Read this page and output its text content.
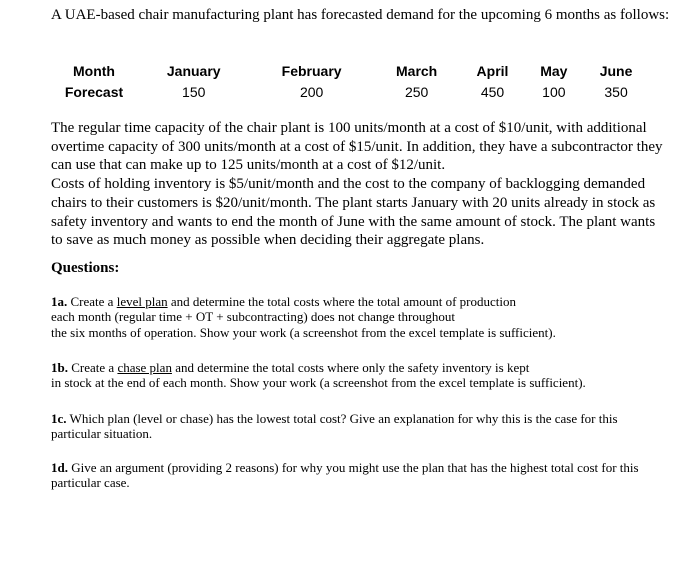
A UAE-based chair manufacturing plant has forecasted demand for the upcoming 6 months as follows:
Month	January	February	March	April	May	June
Forecast	150	200	250	450	100	350

The regular time capacity of the chair plant is 100 units/month at a cost of $10/unit, with additional overtime capacity of 300 units/month at a cost of $15/unit. In addition, they have a subcontractor they can use that can make up to 125 units/month at a cost of $12/unit.

Costs of holding inventory is $5/unit/month and the cost to the company of backlogging demanded chairs to their customers is $20/unit/month. The plant starts January with 20 units already in stock as safety inventory and wants to end the month of June with the same amount of stock. The plant wants to save as much money as possible when deciding their aggregate plans.

Questions:
1a. Create a level plan and determine the total costs where the total amount of production
each month (regular time + OT + subcontracting) does not change throughout
the six months of operation. Show your work (a screenshot from the excel template is sufficient).
1b. Create a chase plan and determine the total costs where only the safety inventory is kept
in stock at the end of each month. Show your work (a screenshot from the excel template is sufficient).
1c. Which plan (level or chase) has the lowest total cost? Give an explanation for why this is the case for this particular situation.
1d. Give an argument (providing 2 reasons) for why you might use the plan that has the highest total cost for this particular case.
